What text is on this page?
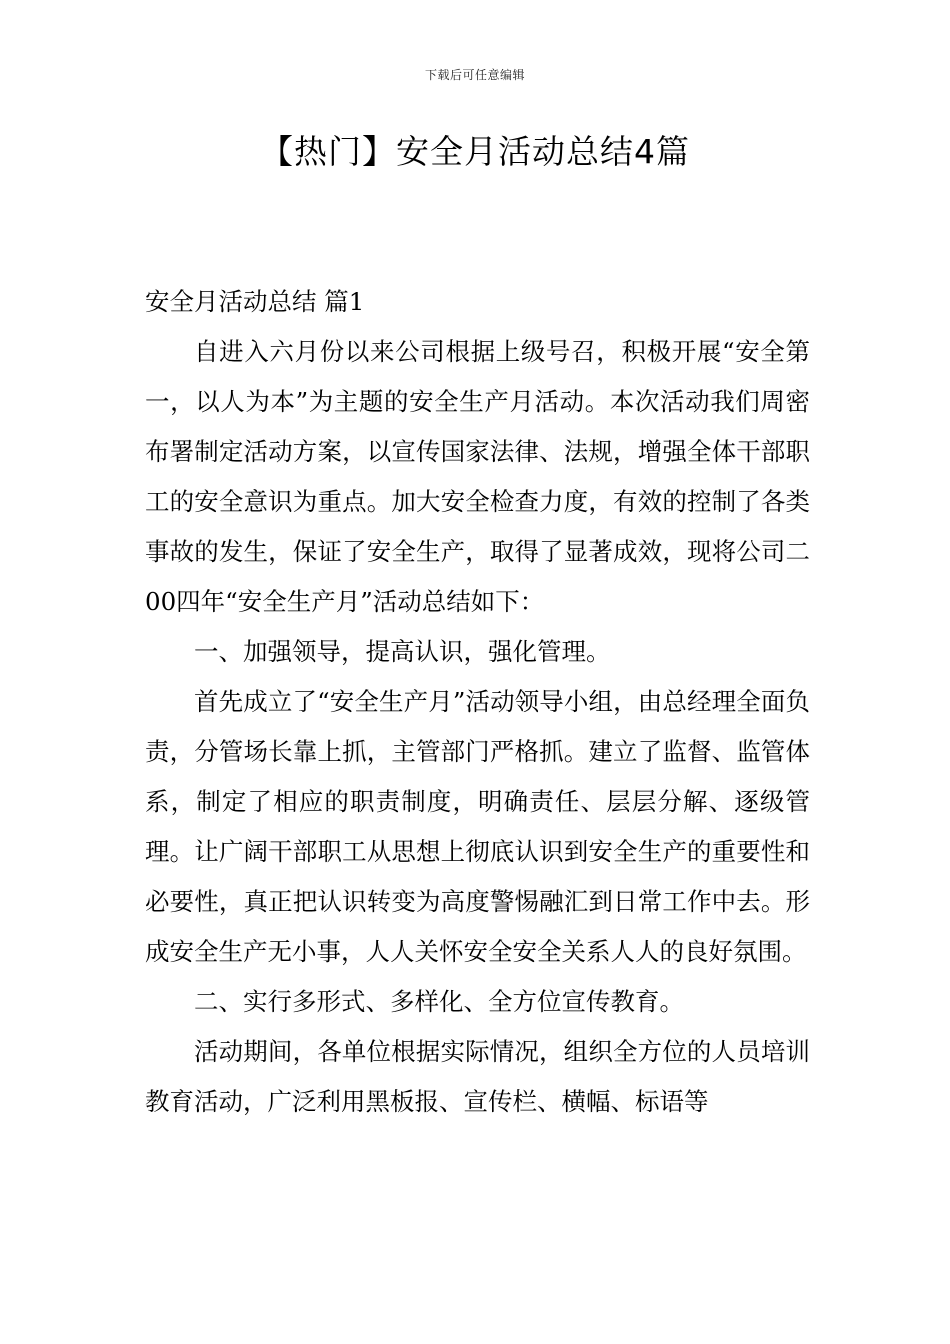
下载后可任意编辑
【热门】安全月活动总结4篇

安全月活动总结 篇1

自进入六月份以来公司根据上级号召，积极开展“安全第一，以人为本”为主题的安全生产月活动。本次活动我们周密布署制定活动方案，以宣传国家法律、法规，增强全体干部职工的安全意识为重点。加大安全检查力度，有效的控制了各类事故的发生，保证了安全生产，取得了显著成效，现将公司二00四年“安全生产月”活动总结如下：

一、加强领导，提高认识，强化管理。

首先成立了“安全生产月”活动领导小组，由总经理全面负责，分管场长靠上抓，主管部门严格抓。建立了监督、监管体系，制定了相应的职责制度，明确责任、层层分解、逐级管理。让广阔干部职工从思想上彻底认识到安全生产的重要性和必要性，真正把认识转变为高度警惕融汇到日常工作中去。形成安全生产无小事，人人关怀安全安全关系人人的良好氛围。

二、实行多形式、多样化、全方位宣传教育。

活动期间，各单位根据实际情况，组织全方位的人员培训教育活动，广泛利用黑板报、宣传栏、横幅、标语等
